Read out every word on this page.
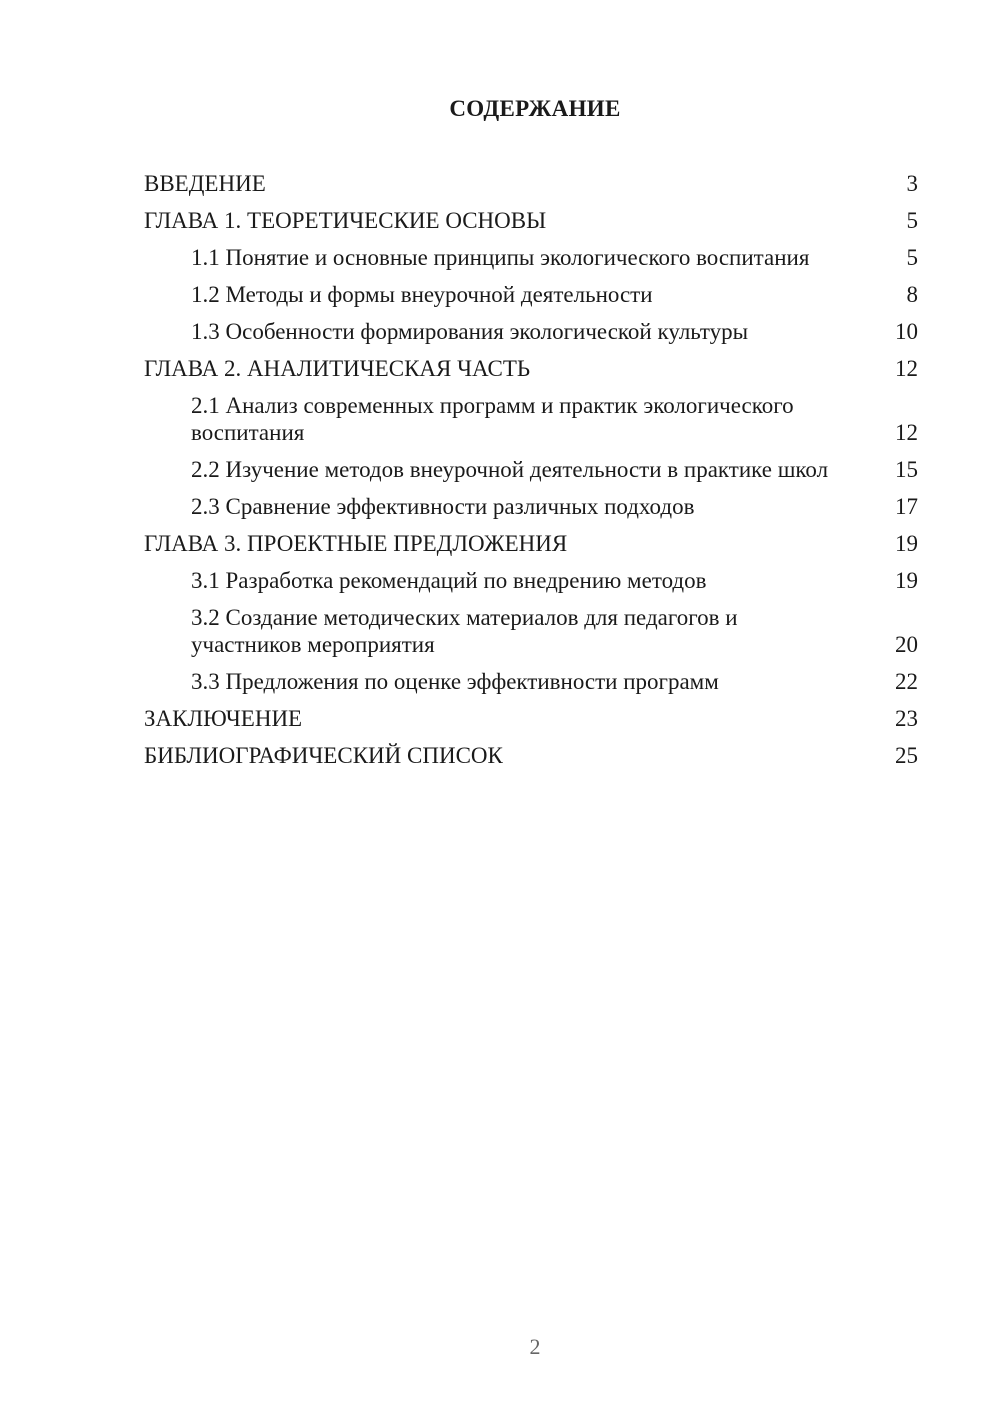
СОДЕРЖАНИЕ
ВВЕДЕНИЕ	3
ГЛАВА 1. ТЕОРЕТИЧЕСКИЕ ОСНОВЫ	5
1.1 Понятие и основные принципы экологического воспитания	5
1.2 Методы и формы внеурочной деятельности	8
1.3 Особенности формирования экологической культуры	10
ГЛАВА 2. АНАЛИТИЧЕСКАЯ ЧАСТЬ	12
2.1 Анализ современных программ и практик экологического воспитания	12
2.2 Изучение методов внеурочной деятельности в практике школ	15
2.3 Сравнение эффективности различных подходов	17
ГЛАВА 3. ПРОЕКТНЫЕ ПРЕДЛОЖЕНИЯ	19
3.1 Разработка рекомендаций по внедрению методов	19
3.2 Создание методических материалов для педагогов и участников мероприятия	20
3.3 Предложения по оценке эффективности программ	22
ЗАКЛЮЧЕНИЕ	23
БИБЛИОГРАФИЧЕСКИЙ СПИСОК	25
2
